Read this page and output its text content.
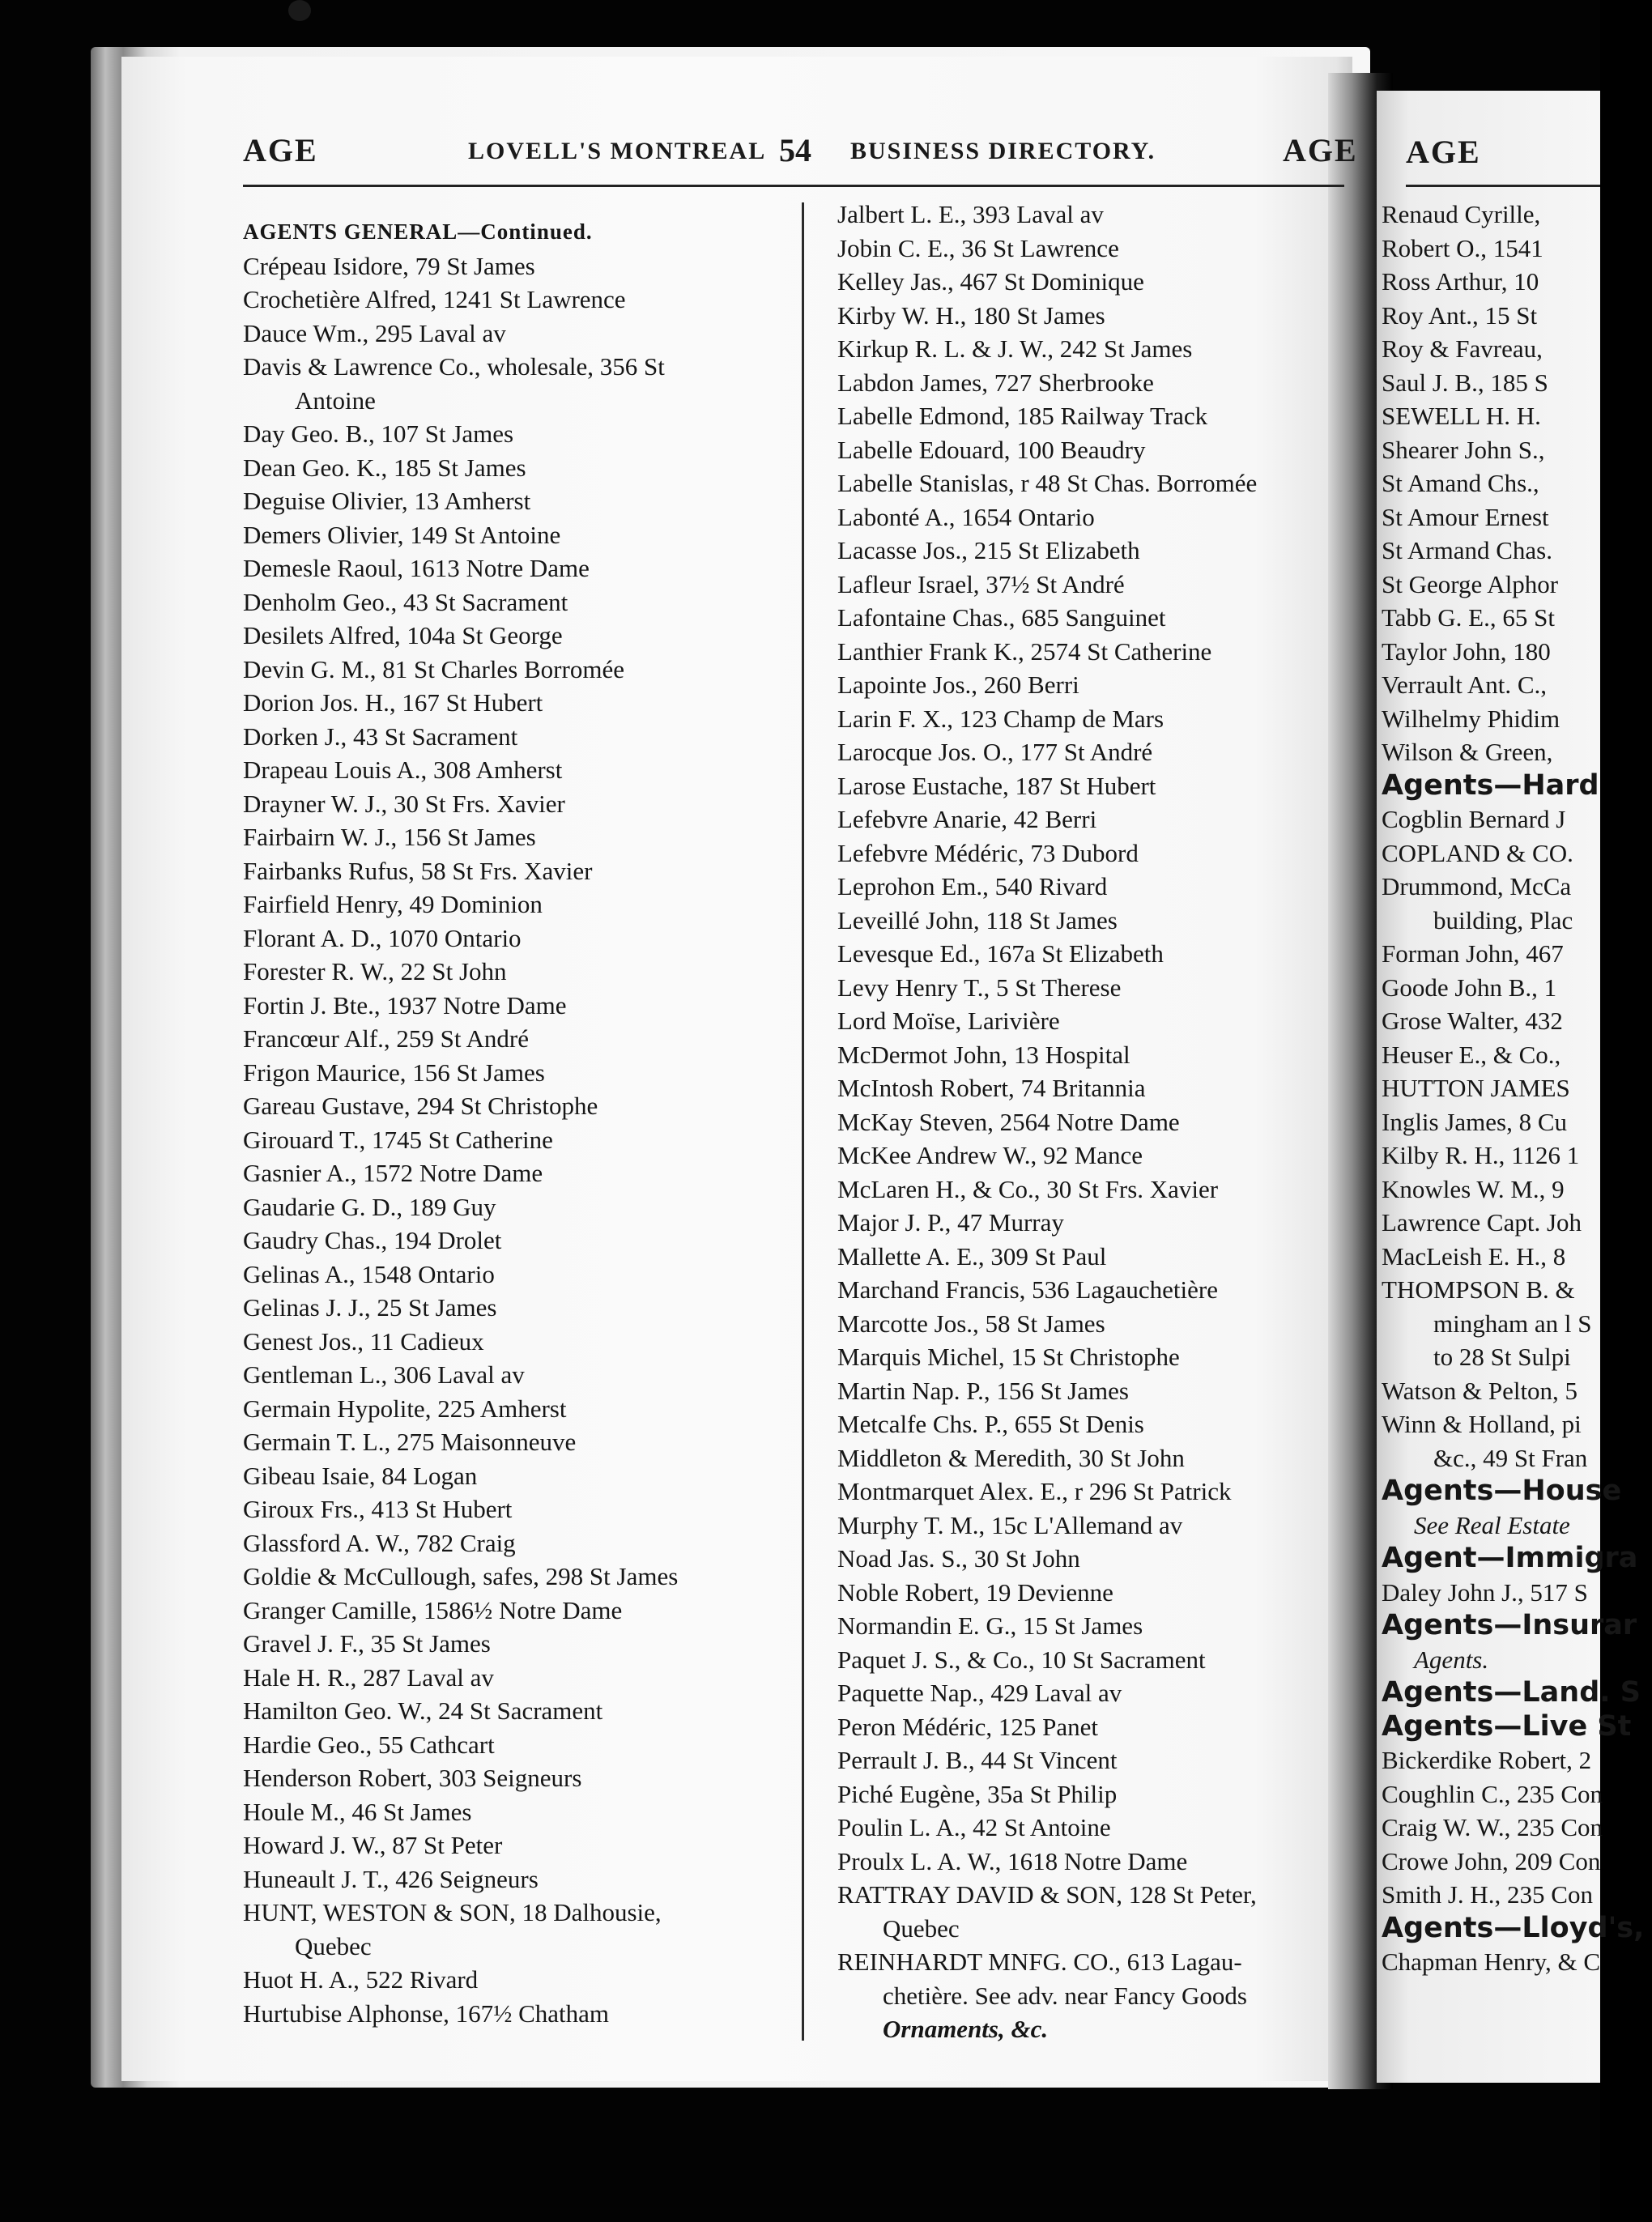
AGE	LOVELL'S MONTREAL 54 BUSINESS DIRECTORY.	AGE AGE
AGENTS GENERAL—Continued.
Crépeau Isidore, 79 St James
Crochetière Alfred, 1241 St Lawrence
Dauce Wm., 295 Laval av
Davis & Lawrence Co., wholesale, 356 St
Antoine
Day Geo. B., 107 St James
Dean Geo. K., 185 St James
Deguise Olivier, 13 Amherst
Demers Olivier, 149 St Antoine
Demesle Raoul, 1613 Notre Dame
Denholm Geo., 43 St Sacrament
Desilets Alfred, 104a St George
Devin G. M., 81 St Charles Borromée
Dorion Jos. H., 167 St Hubert
Dorken J., 43 St Sacrament
Drapeau Louis A., 308 Amherst
Drayner W. J., 30 St Frs. Xavier
Fairbairn W. J., 156 St James
Fairbanks Rufus, 58 St Frs. Xavier
Fairfield Henry, 49 Dominion
Florant A. D., 1070 Ontario
Forester R. W., 22 St John
Fortin J. Bte., 1937 Notre Dame
Francœur Alf., 259 St André
Frigon Maurice, 156 St James
Gareau Gustave, 294 St Christophe
Girouard T., 1745 St Catherine
Gasnier A., 1572 Notre Dame
Gaudarie G. D., 189 Guy
Gaudry Chas., 194 Drolet
Gelinas A., 1548 Ontario
Gelinas J. J., 25 St James
Genest Jos., 11 Cadieux
Gentleman L., 306 Laval av
Germain Hypolite, 225 Amherst
Germain T. L., 275 Maisonneuve
Gibeau Isaie, 84 Logan
Giroux Frs., 413 St Hubert
Glassford A. W., 782 Craig
Goldie & McCullough, safes, 298 St James
Granger Camille, 1586½ Notre Dame
Gravel J. F., 35 St James
Hale H. R., 287 Laval av
Hamilton Geo. W., 24 St Sacrament
Hardie Geo., 55 Cathcart
Henderson Robert, 303 Seigneurs
Houle M., 46 St James
Howard J. W., 87 St Peter
Huneault J. T., 426 Seigneurs
HUNT, WESTON & SON, 18 Dalhousie,
Quebec
Huot H. A., 522 Rivard
Hurtubise Alphonse, 167½ Chatham
Jalbert L. E., 393 Laval av
Jobin C. E., 36 St Lawrence
Kelley Jas., 467 St Dominique
Kirby W. H., 180 St James
Kirkup R. L. & J. W., 242 St James
Labdon James, 727 Sherbrooke
Labelle Edmond, 185 Railway Track
Labelle Edouard, 100 Beaudry
Labelle Stanislas, r 48 St Chas. Borromée
Labonté A., 1654 Ontario
Lacasse Jos., 215 St Elizabeth
Lafleur Israel, 37½ St André
Lafontaine Chas., 685 Sanguinet
Lanthier Frank K., 2574 St Catherine
Lapointe Jos., 260 Berri
Larin F. X., 123 Champ de Mars
Larocque Jos. O., 177 St André
Larose Eustache, 187 St Hubert
Lefebvre Anarie, 42 Berri
Lefebvre Médéric, 73 Dubord
Leprohon Em., 540 Rivard
Leveillé John, 118 St James
Levesque Ed., 167a St Elizabeth
Levy Henry T., 5 St Therese
Lord Moïse, Larivière
McDermot John, 13 Hospital
McIntosh Robert, 74 Britannia
McKay Steven, 2564 Notre Dame
McKee Andrew W., 92 Mance
McLaren H., & Co., 30 St Frs. Xavier
Major J. P., 47 Murray
Mallette A. E., 309 St Paul
Marchand Francis, 536 Lagauchetière
Marcotte Jos., 58 St James
Marquis Michel, 15 St Christophe
Martin Nap. P., 156 St James
Metcalfe Chs. P., 655 St Denis
Middleton & Meredith, 30 St John
Montmarquet Alex. E., r 296 St Patrick
Murphy T. M., 15c L'Allemand av
Noad Jas. S., 30 St John
Noble Robert, 19 Devienne
Normandin E. G., 15 St James
Paquet J. S., & Co., 10 St Sacrament
Paquette Nap., 429 Laval av
Peron Médéric, 125 Panet
Perrault J. B., 44 St Vincent
Piché Eugène, 35a St Philip
Poulin L. A., 42 St Antoine
Proulx L. A. W., 1618 Notre Dame
RATTRAY DAVID & SON, 128 St Peter,
Quebec
REINHARDT MNFG. CO., 613 Lagau-
chetière. See adv. near Fancy Goods
Ornaments, &c.
Renaud Cyrille,
Robert O., 1541
Ross Arthur, 10
Roy Ant., 15 St
Roy & Favreau,
Saul J. B., 185 S
SEWELL H. H.
Shearer John S.,
St Amand Chs.,
St Amour Ernest
St Armand Chas.
St George Alphor
Tabb G. E., 65 St
Taylor John, 180
Verrault Ant. C.,
Wilhelmy Phidim
Wilson & Green,
Agents—Hard
Cogblin Bernard J
COPLAND & CO.
Drummond, McCa
building, Plac
Forman John, 467
Goode John B., 1
Grose Walter, 432
Heuser E., & Co.,
HUTTON JAMES
Inglis James, 8 Cu
Kilby R. H., 1126 1
Knowles W. M., 9
Lawrence Capt. Joh
MacLeish E. H., 8
THOMPSON B. &
mingham an l S
to 28 St Sulpi
Watson & Pelton, 5
Winn & Holland, pi
&c., 49 St Fran
Agents—House
See Real Estate
Agent—Immigra
Daley John J., 517 S
Agents—Insurar
Agents.
Agents—Land. S
Agents—Live St
Bickerdike Robert, 2
Coughlin C., 235 Con
Craig W. W., 235 Con
Crowe John, 209 Con
Smith J. H., 235 Con
Agents—Lloyd's,
Chapman Henry, & C
